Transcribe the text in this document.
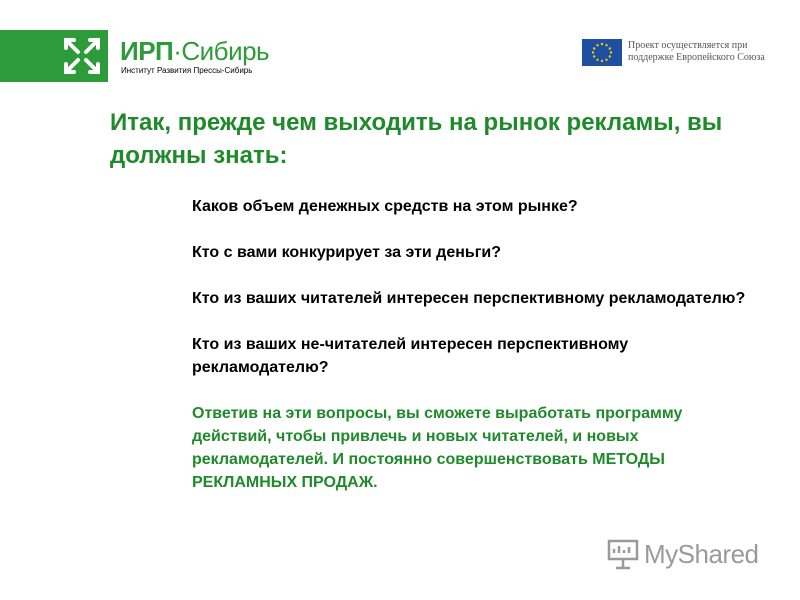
ИРП·Сибирь
Институт Развития Прессы-Сибирь
Проект осуществляется при поддержке Европейского Союза
Итак, прежде чем выходить на рынок рекламы, вы должны знать:

Каков объем денежных средств на этом рынке?

Кто с вами конкурирует за эти деньги?

Кто из ваших читателей интересен перспективному рекламодателю?

Кто из ваших не-читателей интересен перспективному рекламодателю?

Ответив на эти вопросы, вы сможете выработать программу действий, чтобы привлечь и новых читателей, и новых рекламодателей. И постоянно совершенствовать МЕТОДЫ РЕКЛАМНЫХ ПРОДАЖ.

MyShared
